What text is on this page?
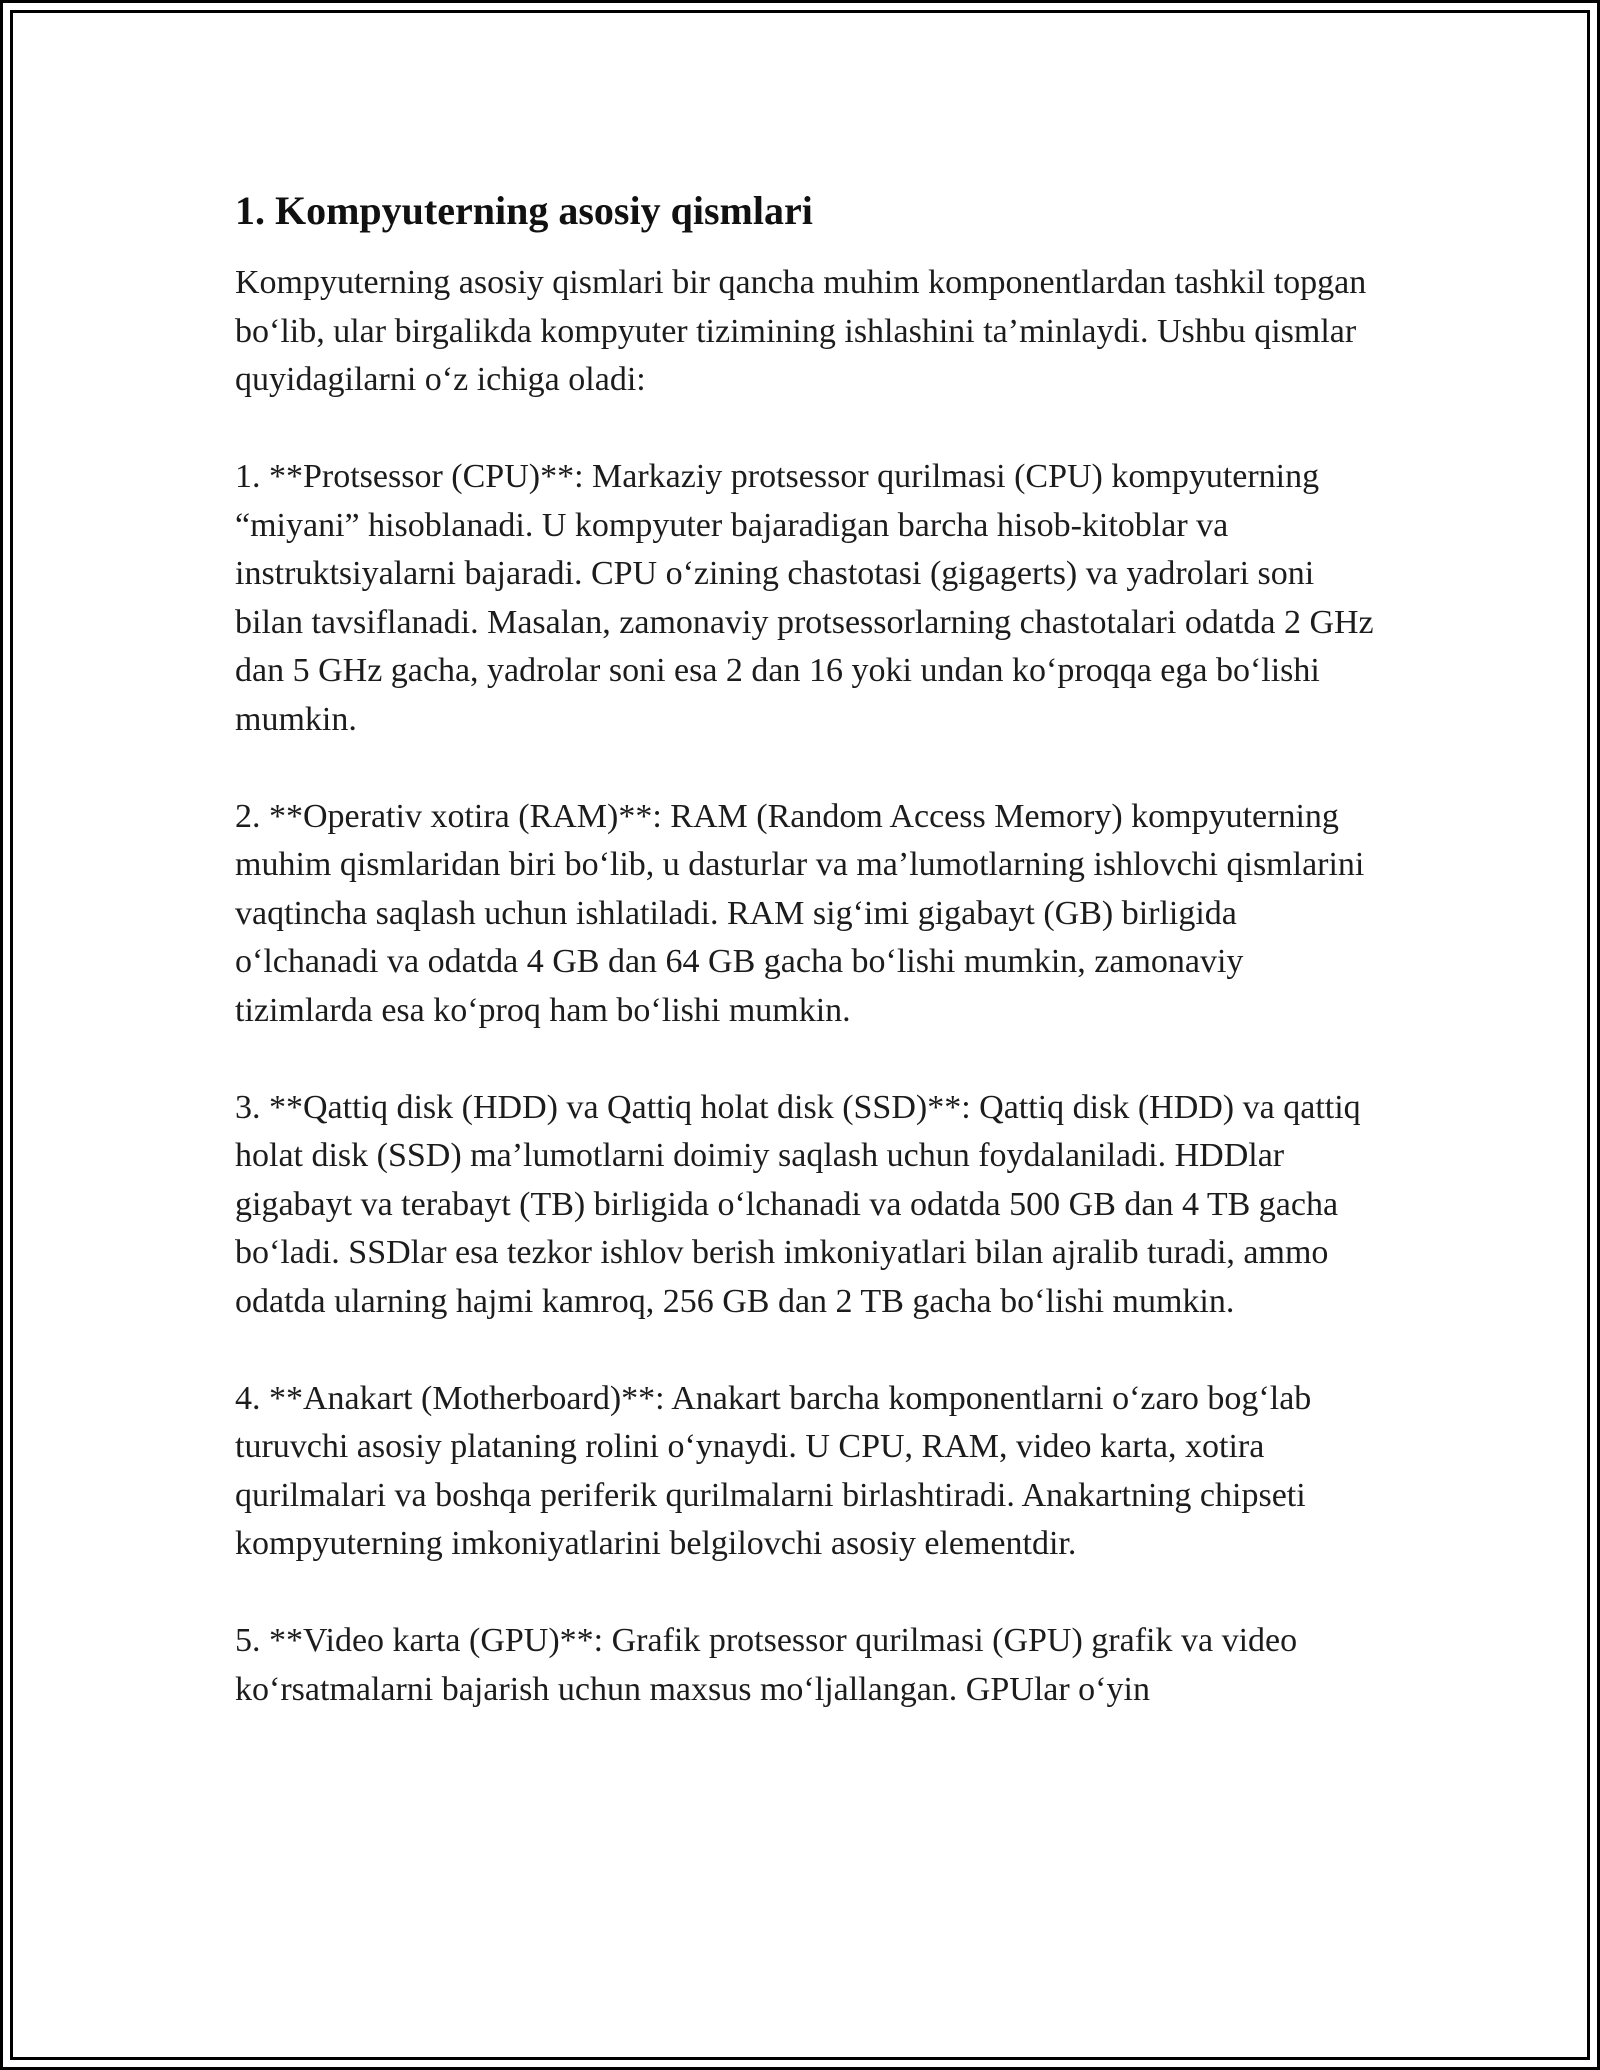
1. Kompyuterning asosiy qismlari

Kompyuterning asosiy qismlari bir qancha muhim komponentlardan tashkil topgan bo‘lib, ular birgalikda kompyuter tizimining ishlashini ta’minlaydi. Ushbu qismlar quyidagilarni o‘z ichiga oladi:

1. **Protsessor (CPU)**: Markaziy protsessor qurilmasi (CPU) kompyuterning “miyani” hisoblanadi. U kompyuter bajaradigan barcha hisob-kitoblar va instruktsiyalarni bajaradi. CPU o‘zining chastotasi (gigagerts) va yadrolari soni bilan tavsiflanadi. Masalan, zamonaviy protsessorlarning chastotalari odatda 2 GHz dan 5 GHz gacha, yadrolar soni esa 2 dan 16 yoki undan ko‘proqqa ega bo‘lishi mumkin.

2. **Operativ xotira (RAM)**: RAM (Random Access Memory) kompyuterning muhim qismlaridan biri bo‘lib, u dasturlar va ma’lumotlarning ishlovchi qismlarini vaqtincha saqlash uchun ishlatiladi. RAM sig‘imi gigabayt (GB) birligida o‘lchanadi va odatda 4 GB dan 64 GB gacha bo‘lishi mumkin, zamonaviy tizimlarda esa ko‘proq ham bo‘lishi mumkin.

3. **Qattiq disk (HDD) va Qattiq holat disk (SSD)**: Qattiq disk (HDD) va qattiq holat disk (SSD) ma’lumotlarni doimiy saqlash uchun foydalaniladi. HDDlar gigabayt va terabayt (TB) birligida o‘lchanadi va odatda 500 GB dan 4 TB gacha bo‘ladi. SSDlar esa tezkor ishlov berish imkoniyatlari bilan ajralib turadi, ammo odatda ularning hajmi kamroq, 256 GB dan 2 TB gacha bo‘lishi mumkin.

4. **Anakart (Motherboard)**: Anakart barcha komponentlarni o‘zaro bog‘lab turuvchi asosiy plataning rolini o‘ynaydi. U CPU, RAM, video karta, xotira qurilmalari va boshqa periferik qurilmalarni birlashtiradi. Anakartning chipseti kompyuterning imkoniyatlarini belgilovchi asosiy elementdir.

5. **Video karta (GPU)**: Grafik protsessor qurilmasi (GPU) grafik va video ko‘rsatmalarni bajarish uchun maxsus mo‘ljallangan. GPUlar o‘yin
